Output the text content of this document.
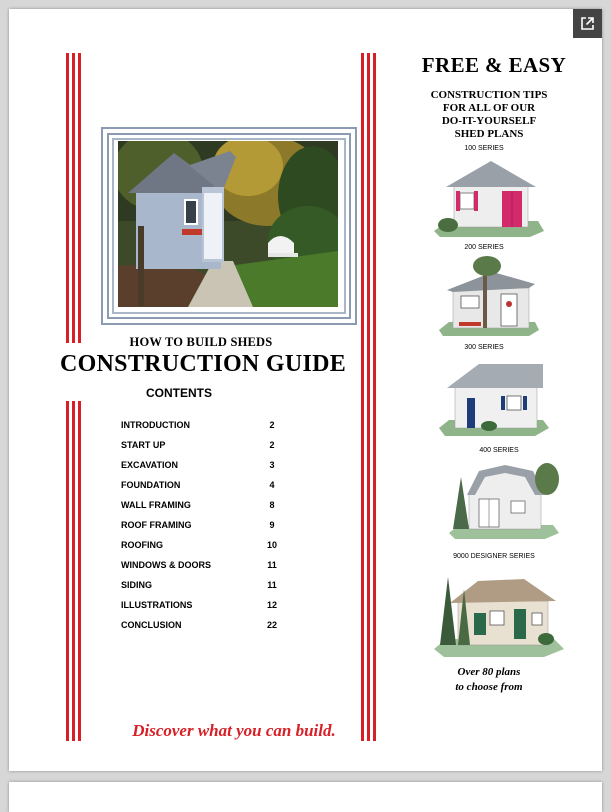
HOW TO BUILD SHEDS
CONSTRUCTION GUIDE
CONTENTS
INTRODUCTION	2
START UP	2
EXCAVATION	3
FOUNDATION	4
WALL FRAMING	8
ROOF FRAMING	9
ROOFING	10
WINDOWS & DOORS	11
SIDING	11
ILLUSTRATIONS	12
CONCLUSION	22
Discover what you can build.
FREE & EASY
CONSTRUCTION TIPS
FOR ALL OF OUR
DO-IT-YOURSELF
SHED PLANS
100 SERIES
200 SERIES
300 SERIES
400 SERIES
9000 DESIGNER SERIES
Over 80 plans
to choose from
